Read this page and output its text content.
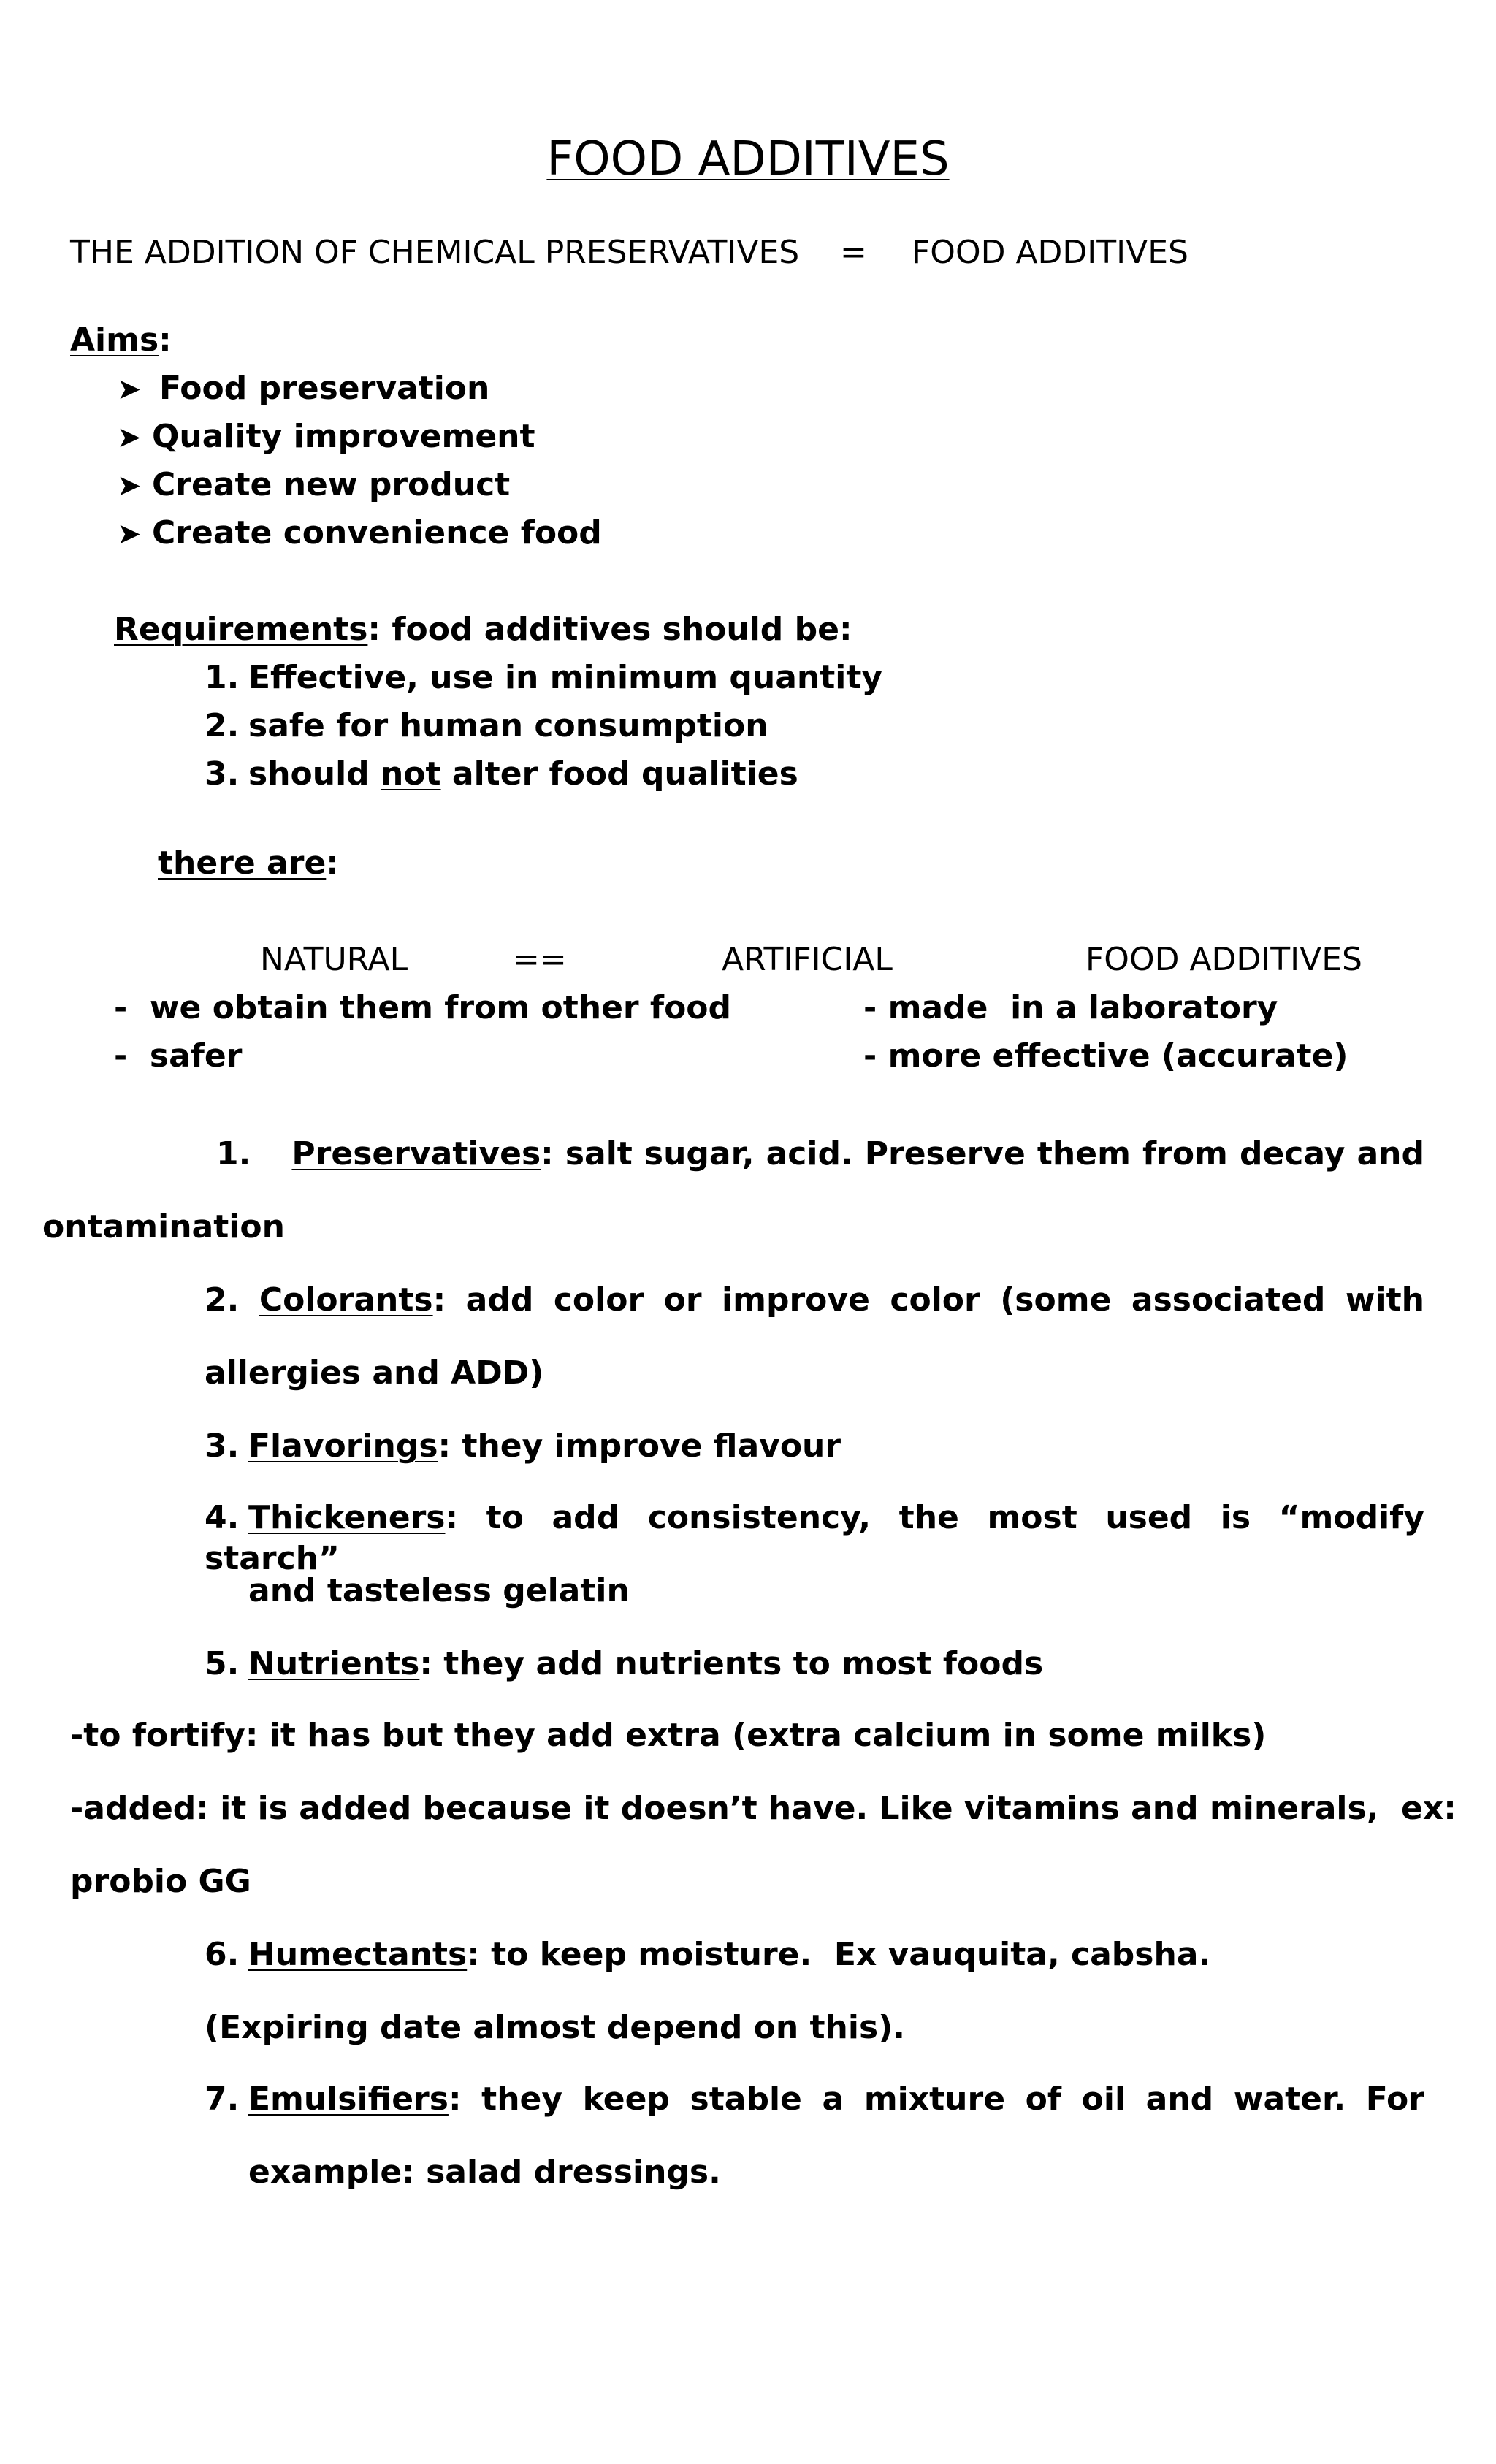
FOOD ADDITIVES
THE ADDITION OF CHEMICAL PRESERVATIVES = FOOD ADDITIVES
Aims:
➤ Food preservation
➤ Quality improvement
➤ Create new product
➤ Create convenience food
Requirements: food additives should be:
1. Effective, use in minimum quantity
2. safe for human consumption
3. should not alter food qualities
there are:
NATURAL	==	ARTIFICIAL	FOOD ADDITIVES
-  we obtain them from other food	- made  in a laboratory
-  safer	- more effective (accurate)
1. Preservatives: salt sugar, acid. Preserve them from decay and
ontamination
2. Colorants: add color or improve color (some associated with
allergies and ADD)
3. Flavorings: they improve flavour
4. Thickeners: to add consistency, the most used is “modify starch”
and tasteless gelatin
5. Nutrients: they add nutrients to most foods
-to fortify: it has but they add extra (extra calcium in some milks)
-added: it is added because it doesn’t have. Like vitamins and minerals,  ex:
probio GG
6. Humectants: to keep moisture.  Ex vauquita, cabsha.
(Expiring date almost depend on this).
7. Emulsifiers: they keep stable a mixture of oil and water. For
example: salad dressings.
